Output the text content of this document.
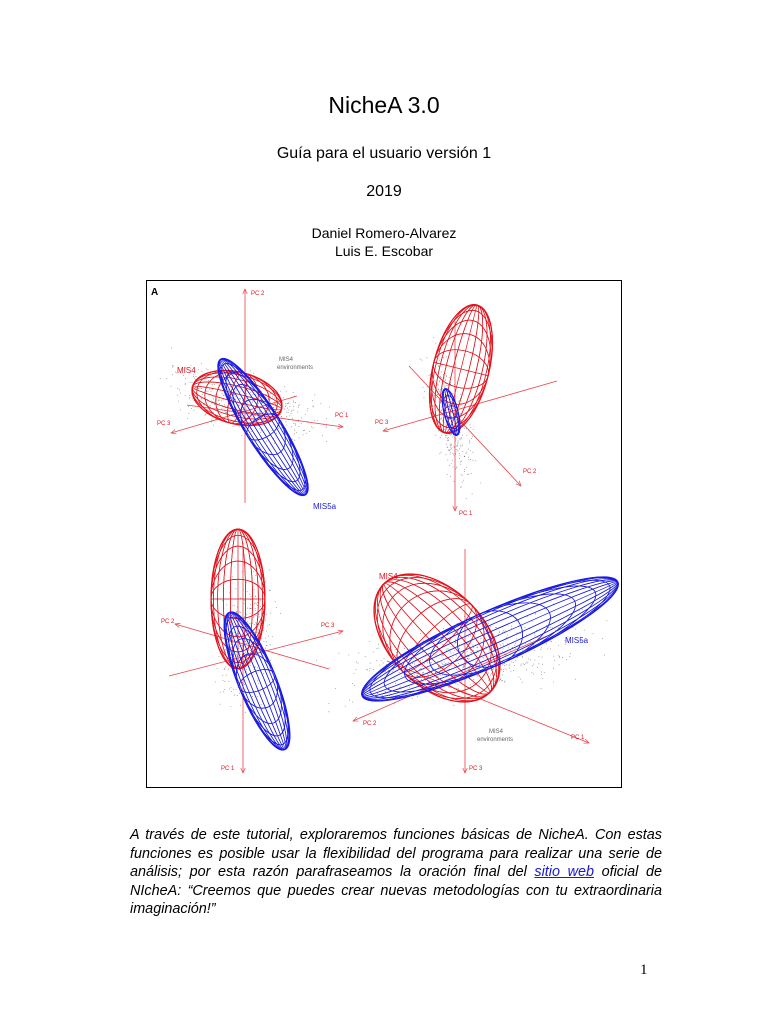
NicheA 3.0
Guía para el usuario versión 1
2019
Daniel Romero-Alvarez
Luis E. Escobar
A	PC 2
PC 1
PC 3
MIS4
MIS5a
MIS4
environments
PC 3
PC 2
PC 1
PC 2
PC 3
PC 1
MIS4
MIS5a
PC 2
PC 1
PC 3
MIS4
environments
A través de este tutorial, exploraremos funciones básicas de NicheA. Con estas funciones es posible usar la flexibilidad del programa para realizar una serie de análisis; por esta razón parafraseamos la oración final del sitio web oficial de NIcheA: “Creemos que puedes crear nuevas metodologías con tu extraordinaria imaginación!”
1
